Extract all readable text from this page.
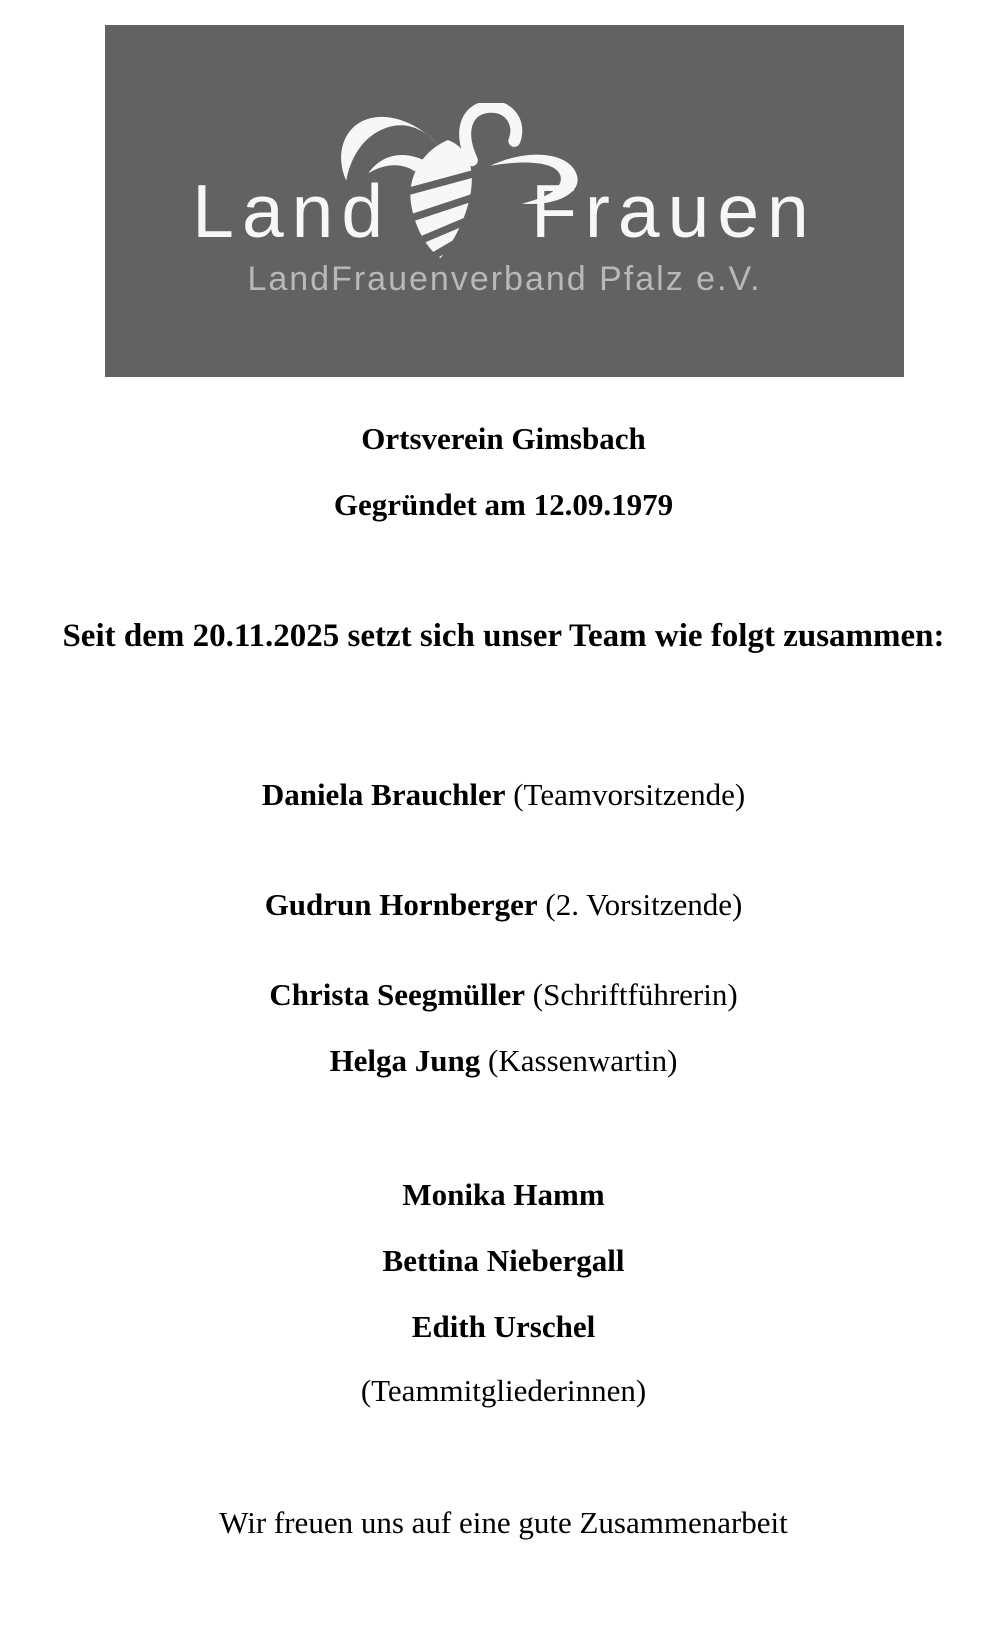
Land Frauen
LandFrauenverband Pfalz e.V.

Ortsverein Gimsbach

Gegründet am 12.09.1979

Seit dem 20.11.2025 setzt sich unser Team wie folgt zusammen:

Daniela Brauchler (Teamvorsitzende)

Gudrun Hornberger (2. Vorsitzende)

Christa Seegmüller (Schriftführerin)

Helga Jung (Kassenwartin)

Monika Hamm

Bettina Niebergall

Edith Urschel

(Teammitgliederinnen)

Wir freuen uns auf eine gute Zusammenarbeit
